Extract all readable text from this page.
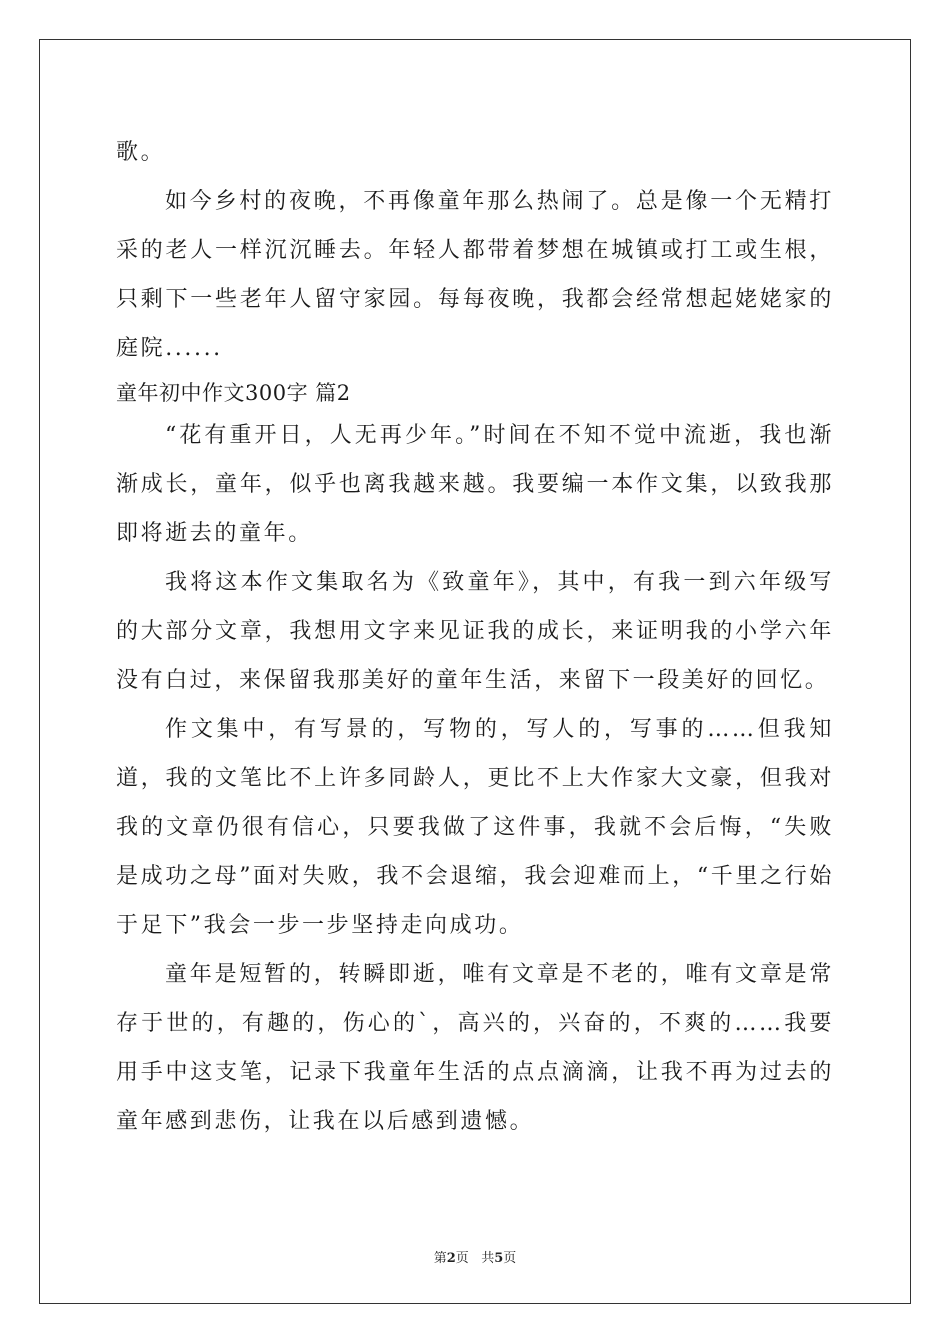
歌。

如今乡村的夜晚，不再像童年那么热闹了。总是像一个无精打采的老人一样沉沉睡去。年轻人都带着梦想在城镇或打工或生根，只剩下一些老年人留守家园。每每夜晚，我都会经常想起姥姥家的庭院......

童年初中作文300字 篇2

“花有重开日，人无再少年。”时间在不知不觉中流逝，我也渐渐成长，童年，似乎也离我越来越。我要编一本作文集，以致我那即将逝去的童年。

我将这本作文集取名为《致童年》，其中，有我一到六年级写的大部分文章，我想用文字来见证我的成长，来证明我的小学六年没有白过，来保留我那美好的童年生活，来留下一段美好的回忆。

作文集中，有写景的，写物的，写人的，写事的……但我知道，我的文笔比不上许多同龄人，更比不上大作家大文豪，但我对我的文章仍很有信心，只要我做了这件事，我就不会后悔，“失败是成功之母”面对失败，我不会退缩，我会迎难而上，“千里之行始于足下”我会一步一步坚持走向成功。

童年是短暂的，转瞬即逝，唯有文章是不老的，唯有文章是常存于世的，有趣的，伤心的`，高兴的，兴奋的，不爽的……我要用手中这支笔，记录下我童年生活的点点滴滴，让我不再为过去的童年感到悲伤，让我在以后感到遗憾。

第2页 共5页
